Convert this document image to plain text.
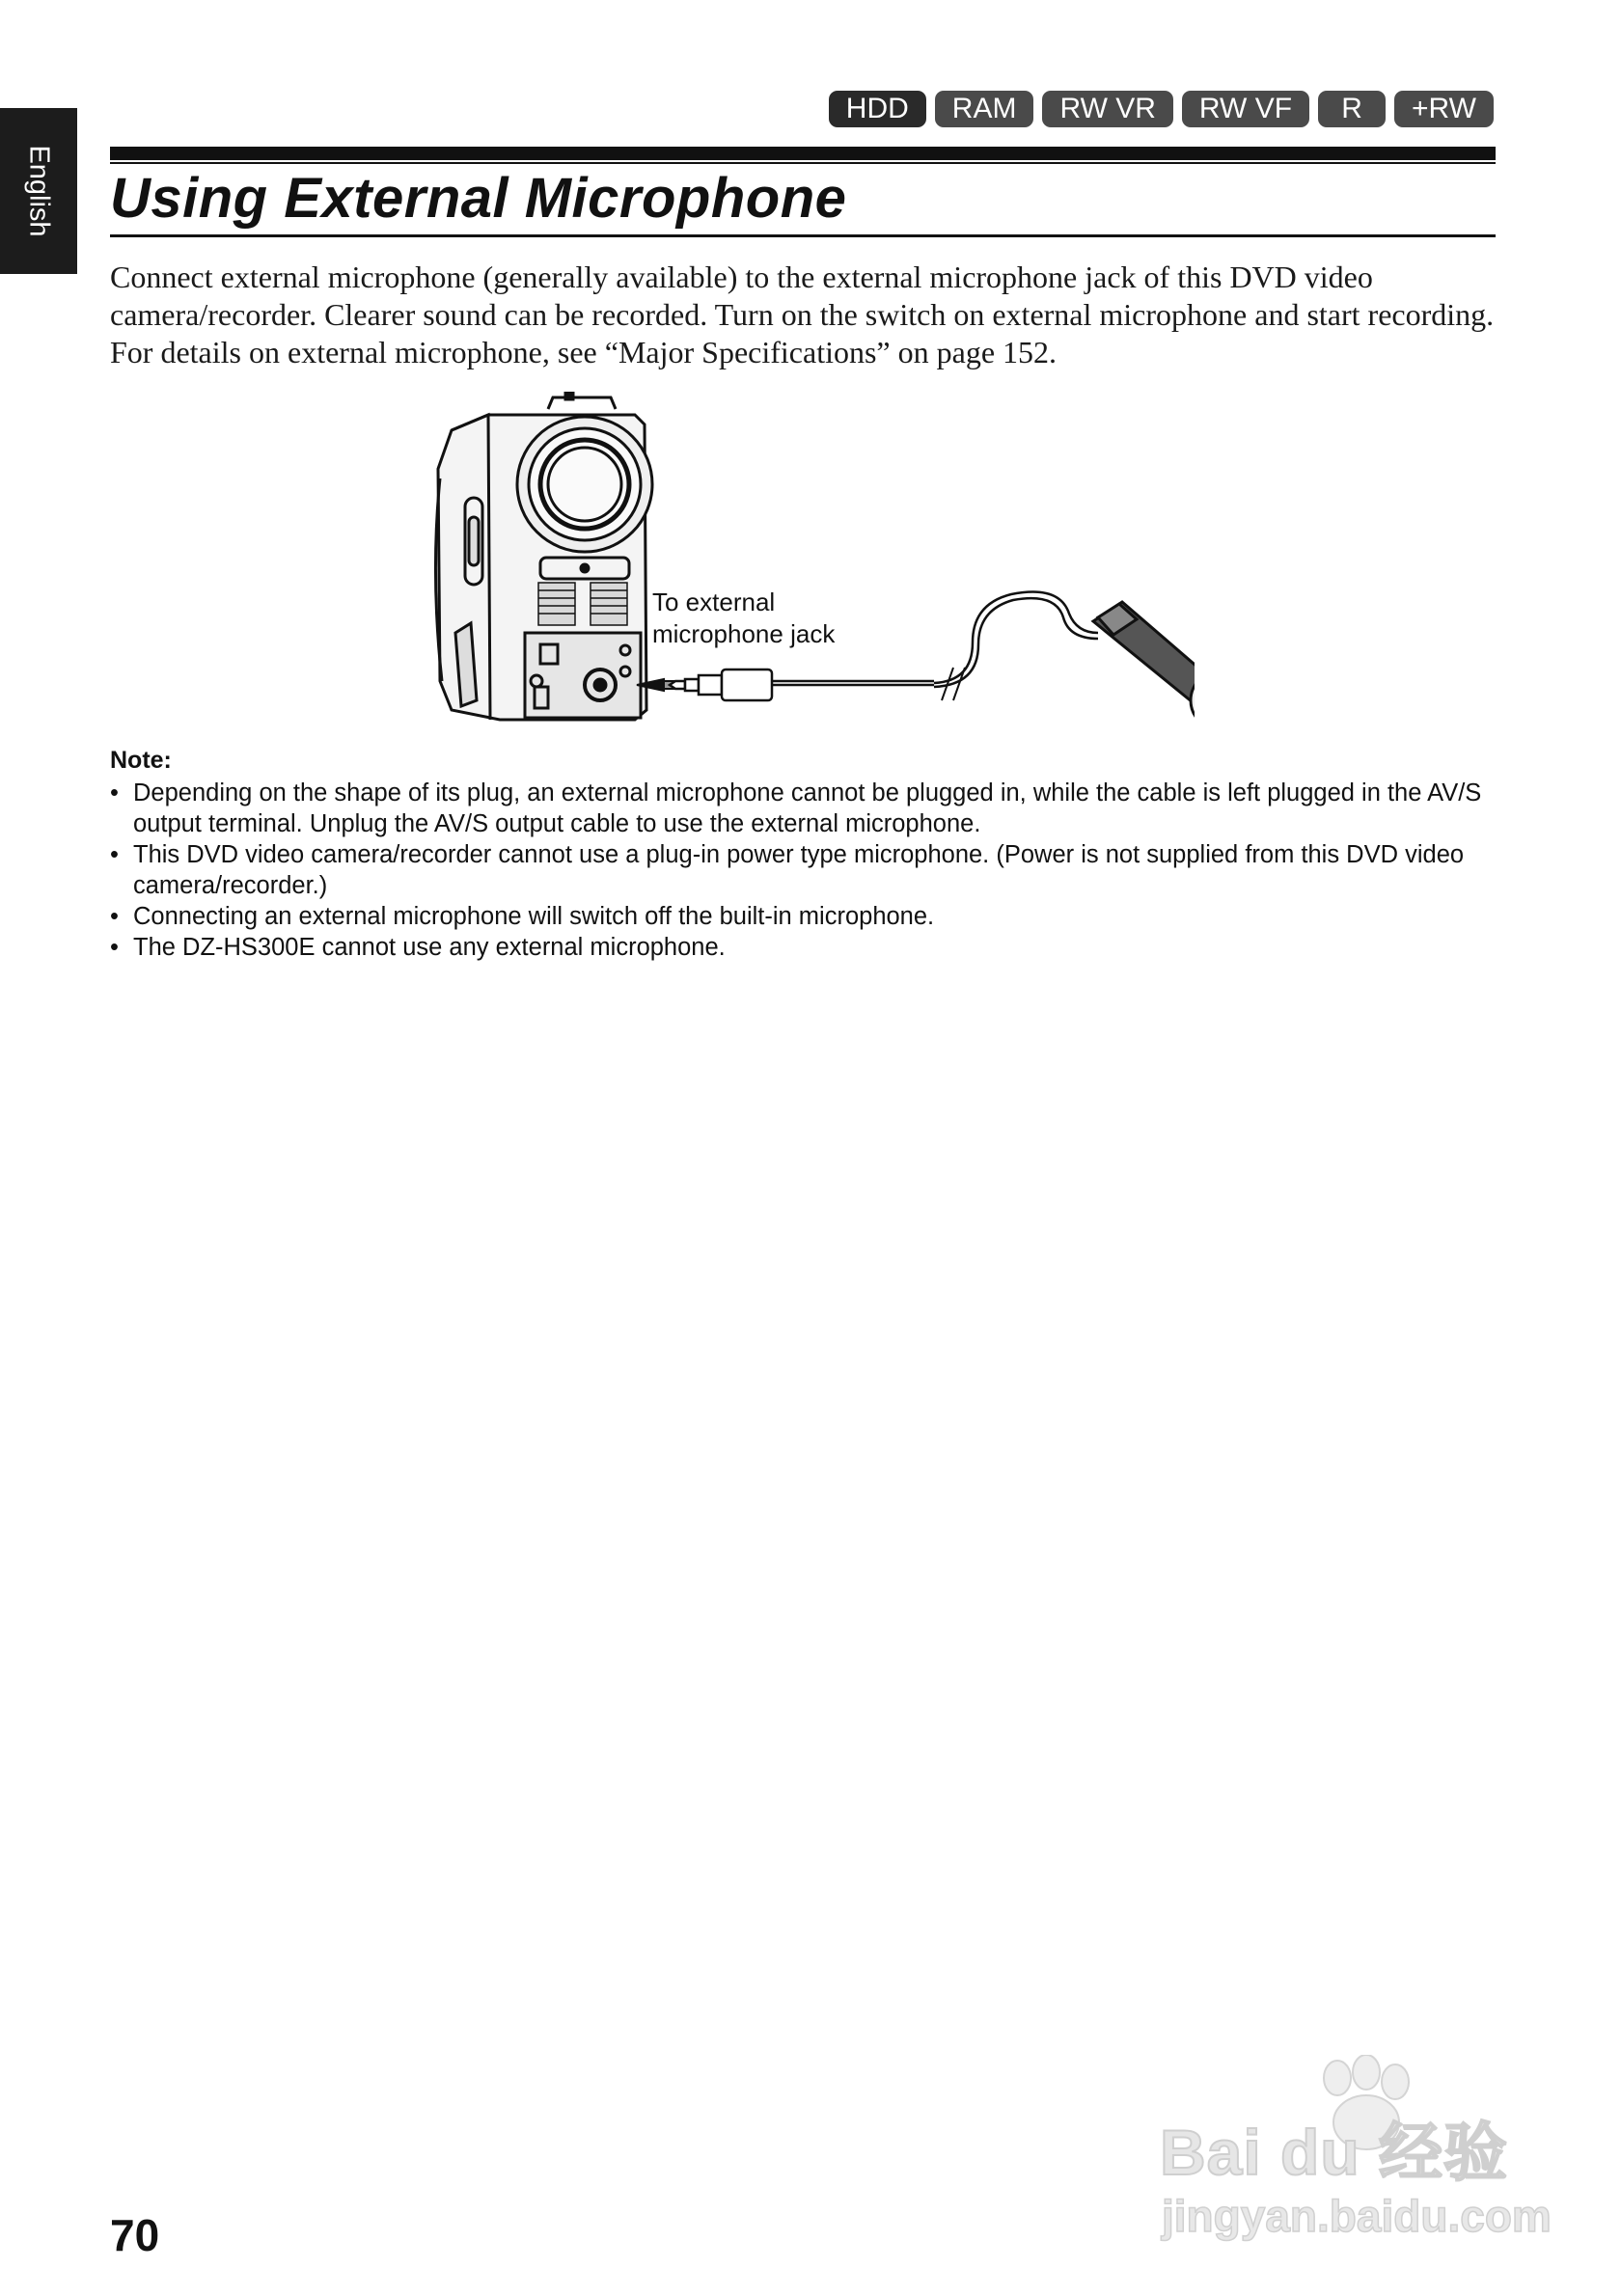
English
HDD	RAM	RW VR	RW VF	R	+RW
Using External Microphone

Connect external microphone (generally available) to the external microphone jack of this DVD video camera/recorder. Clearer sound can be recorded. Turn on the switch on external microphone and start recording. For details on external microphone, see “Major Specifications” on page 152.

To external
microphone jack
Note:
• Depending on the shape of its plug, an external microphone cannot be plugged in, while the cable is left plugged in the AV/S output terminal. Unplug the AV/S output cable to use the external microphone.
• This DVD video camera/recorder cannot use a plug-in power type microphone. (Power is not supplied from this DVD video camera/recorder.)
• Connecting an external microphone will switch off the built-in microphone.
• The DZ-HS300E cannot use any external microphone.
70
Bai du 经验
jingyan.baidu.com
